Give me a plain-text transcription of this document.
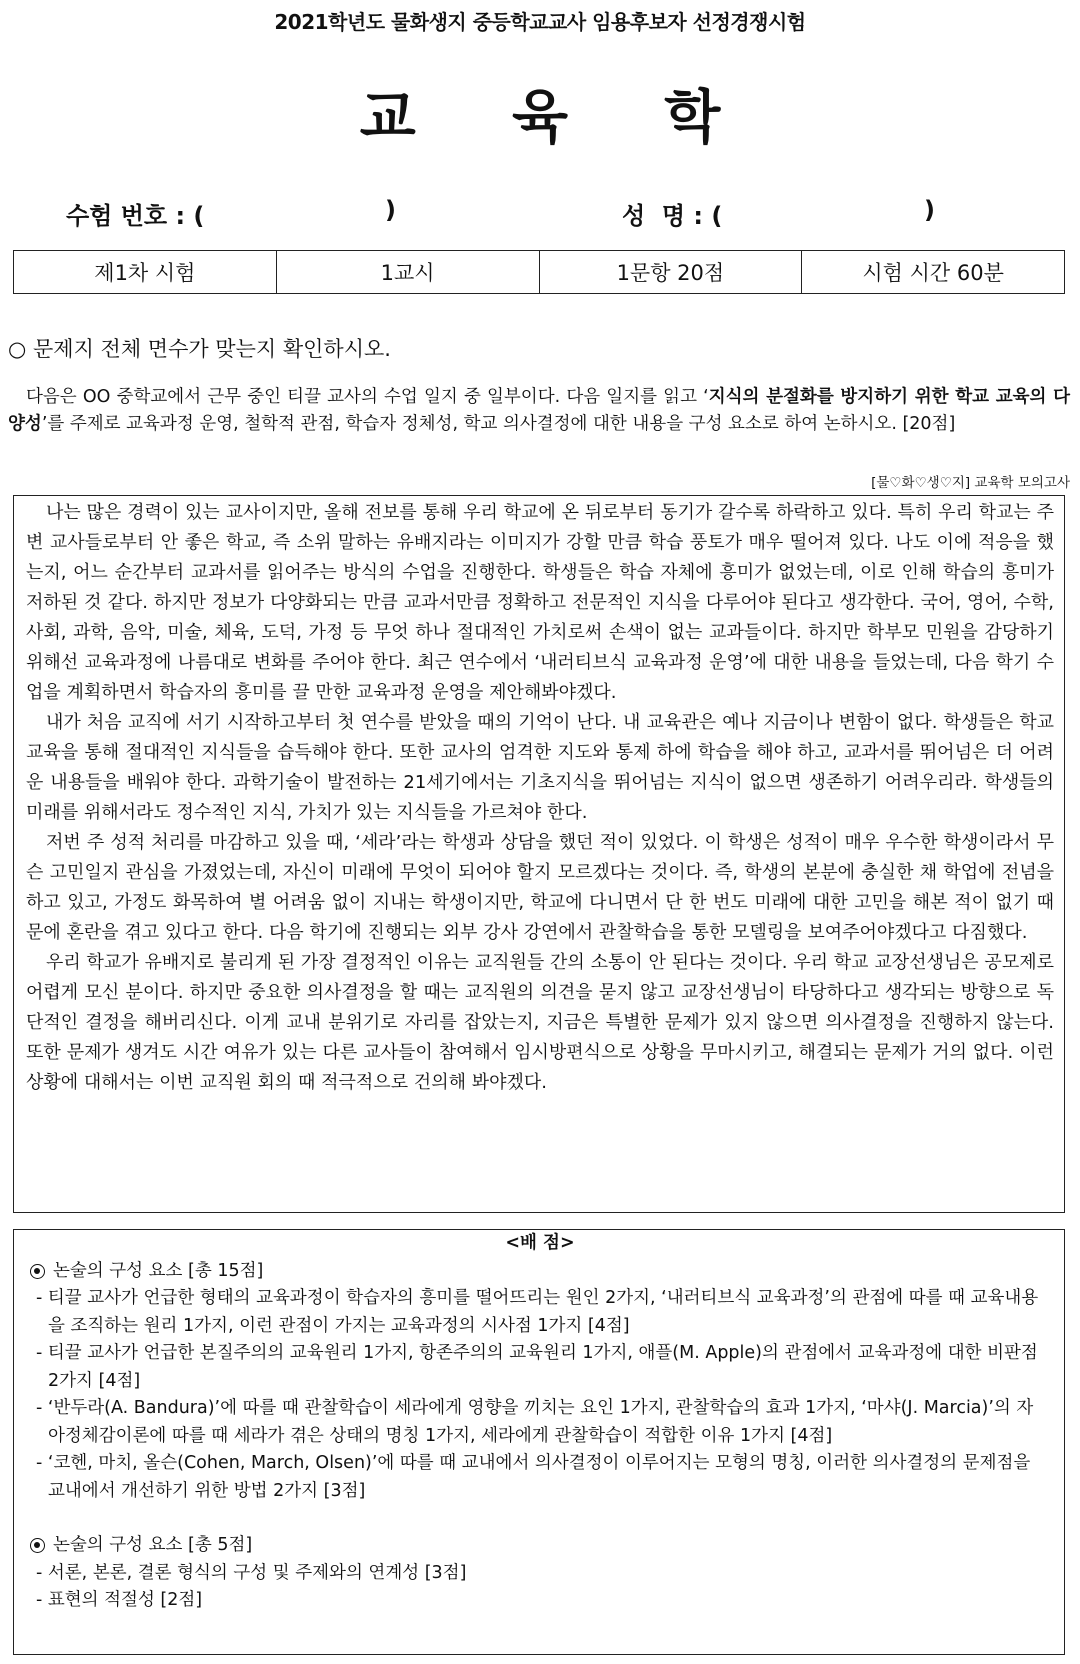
2021학년도 물화생지 중등학교교사 임용후보자 선정경쟁시험
교 육 학
수험 번호 : (	)	성  명 : (	)
제1차 시험	1교시	1문항 20점	시험 시간 60분
○ 문제지 전체 면수가 맞는지 확인하시오.
다음은 OO 중학교에서 근무 중인 티끌 교사의 수업 일지 중 일부이다. 다음 일지를 읽고 ‘지식의 분절화를 방지하기 위한 학교 교육의 다양성’를 주제로 교육과정 운영, 철학적 관점, 학습자 정체성, 학교 의사결정에 대한 내용을 구성 요소로 하여 논하시오. [20점]
[물♡화♡생♡지] 교육학 모의고사

나는 많은 경력이 있는 교사이지만, 올해 전보를 통해 우리 학교에 온 뒤로부터 동기가 갈수록 하락하고 있다. 특히 우리 학교는 주변 교사들로부터 안 좋은 학교, 즉 소위 말하는 유배지라는 이미지가 강할 만큼 학습 풍토가 매우 떨어져 있다. 나도 이에 적응을 했는지, 어느 순간부터 교과서를 읽어주는 방식의 수업을 진행한다. 학생들은 학습 자체에 흥미가 없었는데, 이로 인해 학습의 흥미가 저하된 것 같다. 하지만 정보가 다양화되는 만큼 교과서만큼 정확하고 전문적인 지식을 다루어야 된다고 생각한다. 국어, 영어, 수학, 사회, 과학, 음악, 미술, 체육, 도덕, 가정 등 무엇 하나 절대적인 가치로써 손색이 없는 교과들이다. 하지만 학부모 민원을 감당하기 위해선 교육과정에 나름대로 변화를 주어야 한다. 최근 연수에서 ‘내러티브식 교육과정 운영’에 대한 내용을 들었는데, 다음 학기 수업을 계획하면서 학습자의 흥미를 끌 만한 교육과정 운영을 제안해봐야겠다.

내가 처음 교직에 서기 시작하고부터 첫 연수를 받았을 때의 기억이 난다. 내 교육관은 예나 지금이나 변함이 없다. 학생들은 학교 교육을 통해 절대적인 지식들을 습득해야 한다. 또한 교사의 엄격한 지도와 통제 하에 학습을 해야 하고, 교과서를 뛰어넘은 더 어려운 내용들을 배워야 한다. 과학기술이 발전하는 21세기에서는 기초지식을 뛰어넘는 지식이 없으면 생존하기 어려우리라. 학생들의 미래를 위해서라도 정수적인 지식, 가치가 있는 지식들을 가르쳐야 한다.

저번 주 성적 처리를 마감하고 있을 때, ‘세라’라는 학생과 상담을 했던 적이 있었다. 이 학생은 성적이 매우 우수한 학생이라서 무슨 고민일지 관심을 가졌었는데, 자신이 미래에 무엇이 되어야 할지 모르겠다는 것이다. 즉, 학생의 본분에 충실한 채 학업에 전념을 하고 있고, 가정도 화목하여 별 어려움 없이 지내는 학생이지만, 학교에 다니면서 단 한 번도 미래에 대한 고민을 해본 적이 없기 때문에 혼란을 겪고 있다고 한다. 다음 학기에 진행되는 외부 강사 강연에서 관찰학습을 통한 모델링을 보여주어야겠다고 다짐했다.

우리 학교가 유배지로 불리게 된 가장 결정적인 이유는 교직원들 간의 소통이 안 된다는 것이다. 우리 학교 교장선생님은 공모제로 어렵게 모신 분이다. 하지만 중요한 의사결정을 할 때는 교직원의 의견을 묻지 않고 교장선생님이 타당하다고 생각되는 방향으로 독단적인 결정을 해버리신다. 이게 교내 분위기로 자리를 잡았는지, 지금은 특별한 문제가 있지 않으면 의사결정을 진행하지 않는다. 또한 문제가 생겨도 시간 여유가 있는 다른 교사들이 참여해서 임시방편식으로 상황을 무마시키고, 해결되는 문제가 거의 없다. 이런 상황에 대해서는 이번 교직원 회의 때 적극적으로 건의해 봐야겠다.

<배 점>
논술의 구성 요소 [총 15점]
- 티끌 교사가 언급한 형태의 교육과정이 학습자의 흥미를 떨어뜨리는 원인 2가지, ‘내러티브식 교육과정’의 관점에 따를 때 교육내용을 조직하는 원리 1가지, 이런 관점이 가지는 교육과정의 시사점 1가지 [4점]
- 티끌 교사가 언급한 본질주의의 교육원리 1가지, 항존주의의 교육원리 1가지, 애플(M. Apple)의 관점에서 교육과정에 대한 비판점 2가지 [4점]
- ‘반두라(A. Bandura)’에 따를 때 관찰학습이 세라에게 영향을 끼치는 요인 1가지, 관찰학습의 효과 1가지, ‘마샤(J. Marcia)’의 자아정체감이론에 따를 때 세라가 겪은 상태의 명칭 1가지, 세라에게 관찰학습이 적합한 이유 1가지 [4점]
- ‘코헨, 마치, 올슨(Cohen, March, Olsen)’에 따를 때 교내에서 의사결정이 이루어지는 모형의 명칭, 이러한 의사결정의 문제점을 교내에서 개선하기 위한 방법 2가지 [3점]
논술의 구성 요소 [총 5점]
- 서론, 본론, 결론 형식의 구성 및 주제와의 연계성 [3점]
- 표현의 적절성 [2점]
